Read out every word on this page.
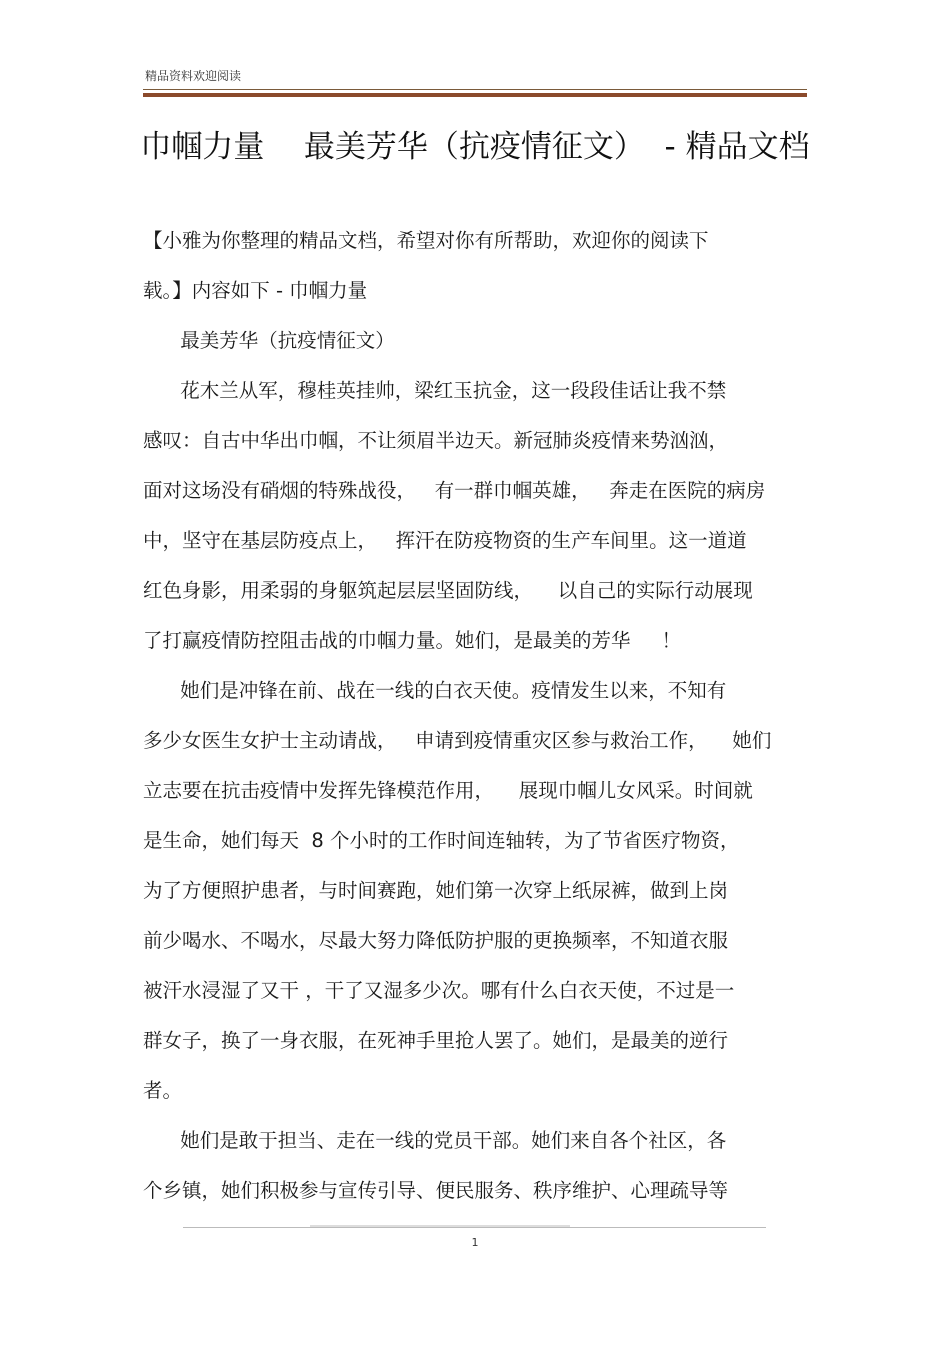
精品资料欢迎阅读
巾帼力量    最美芳华（抗疫情征文）  - 精品文档
【小雅为你整理的精品文档，希望对你有所帮助，欢迎你的阅读下
载。】内容如下 - 巾帼力量
最美芳华（抗疫情征文）
花木兰从军，穆桂英挂帅，梁红玉抗金，这一段段佳话让我不禁
感叹：自古中华出巾帼，不让须眉半边天。新冠肺炎疫情来势汹汹，
面对这场没有硝烟的特殊战役，   有一群巾帼英雄，   奔走在医院的病房
中，坚守在基层防疫点上，   挥汗在防疫物资的生产车间里。这一道道
红色身影，用柔弱的身躯筑起层层坚固防线，    以自己的实际行动展现
了打赢疫情防控阻击战的巾帼力量。她们，是最美的芳华     ！
她们是冲锋在前、战在一线的白衣天使。疫情发生以来，不知有
多少女医生女护士主动请战，   申请到疫情重灾区参与救治工作，    她们
立志要在抗击疫情中发挥先锋模范作用，    展现巾帼儿女风采。时间就
是生命，她们每天  8 个小时的工作时间连轴转，为了节省医疗物资，
为了方便照护患者，与时间赛跑，她们第一次穿上纸尿裤，做到上岗
前少喝水、不喝水，尽最大努力降低防护服的更换频率，不知道衣服
被汗水浸湿了又干 ，干了又湿多少次。哪有什么白衣天使，不过是一
群女子，换了一身衣服，在死神手里抢人罢了。她们，是最美的逆行
者。
她们是敢于担当、走在一线的党员干部。她们来自各个社区，各
个乡镇，她们积极参与宣传引导、便民服务、秩序维护、心理疏导等
1
